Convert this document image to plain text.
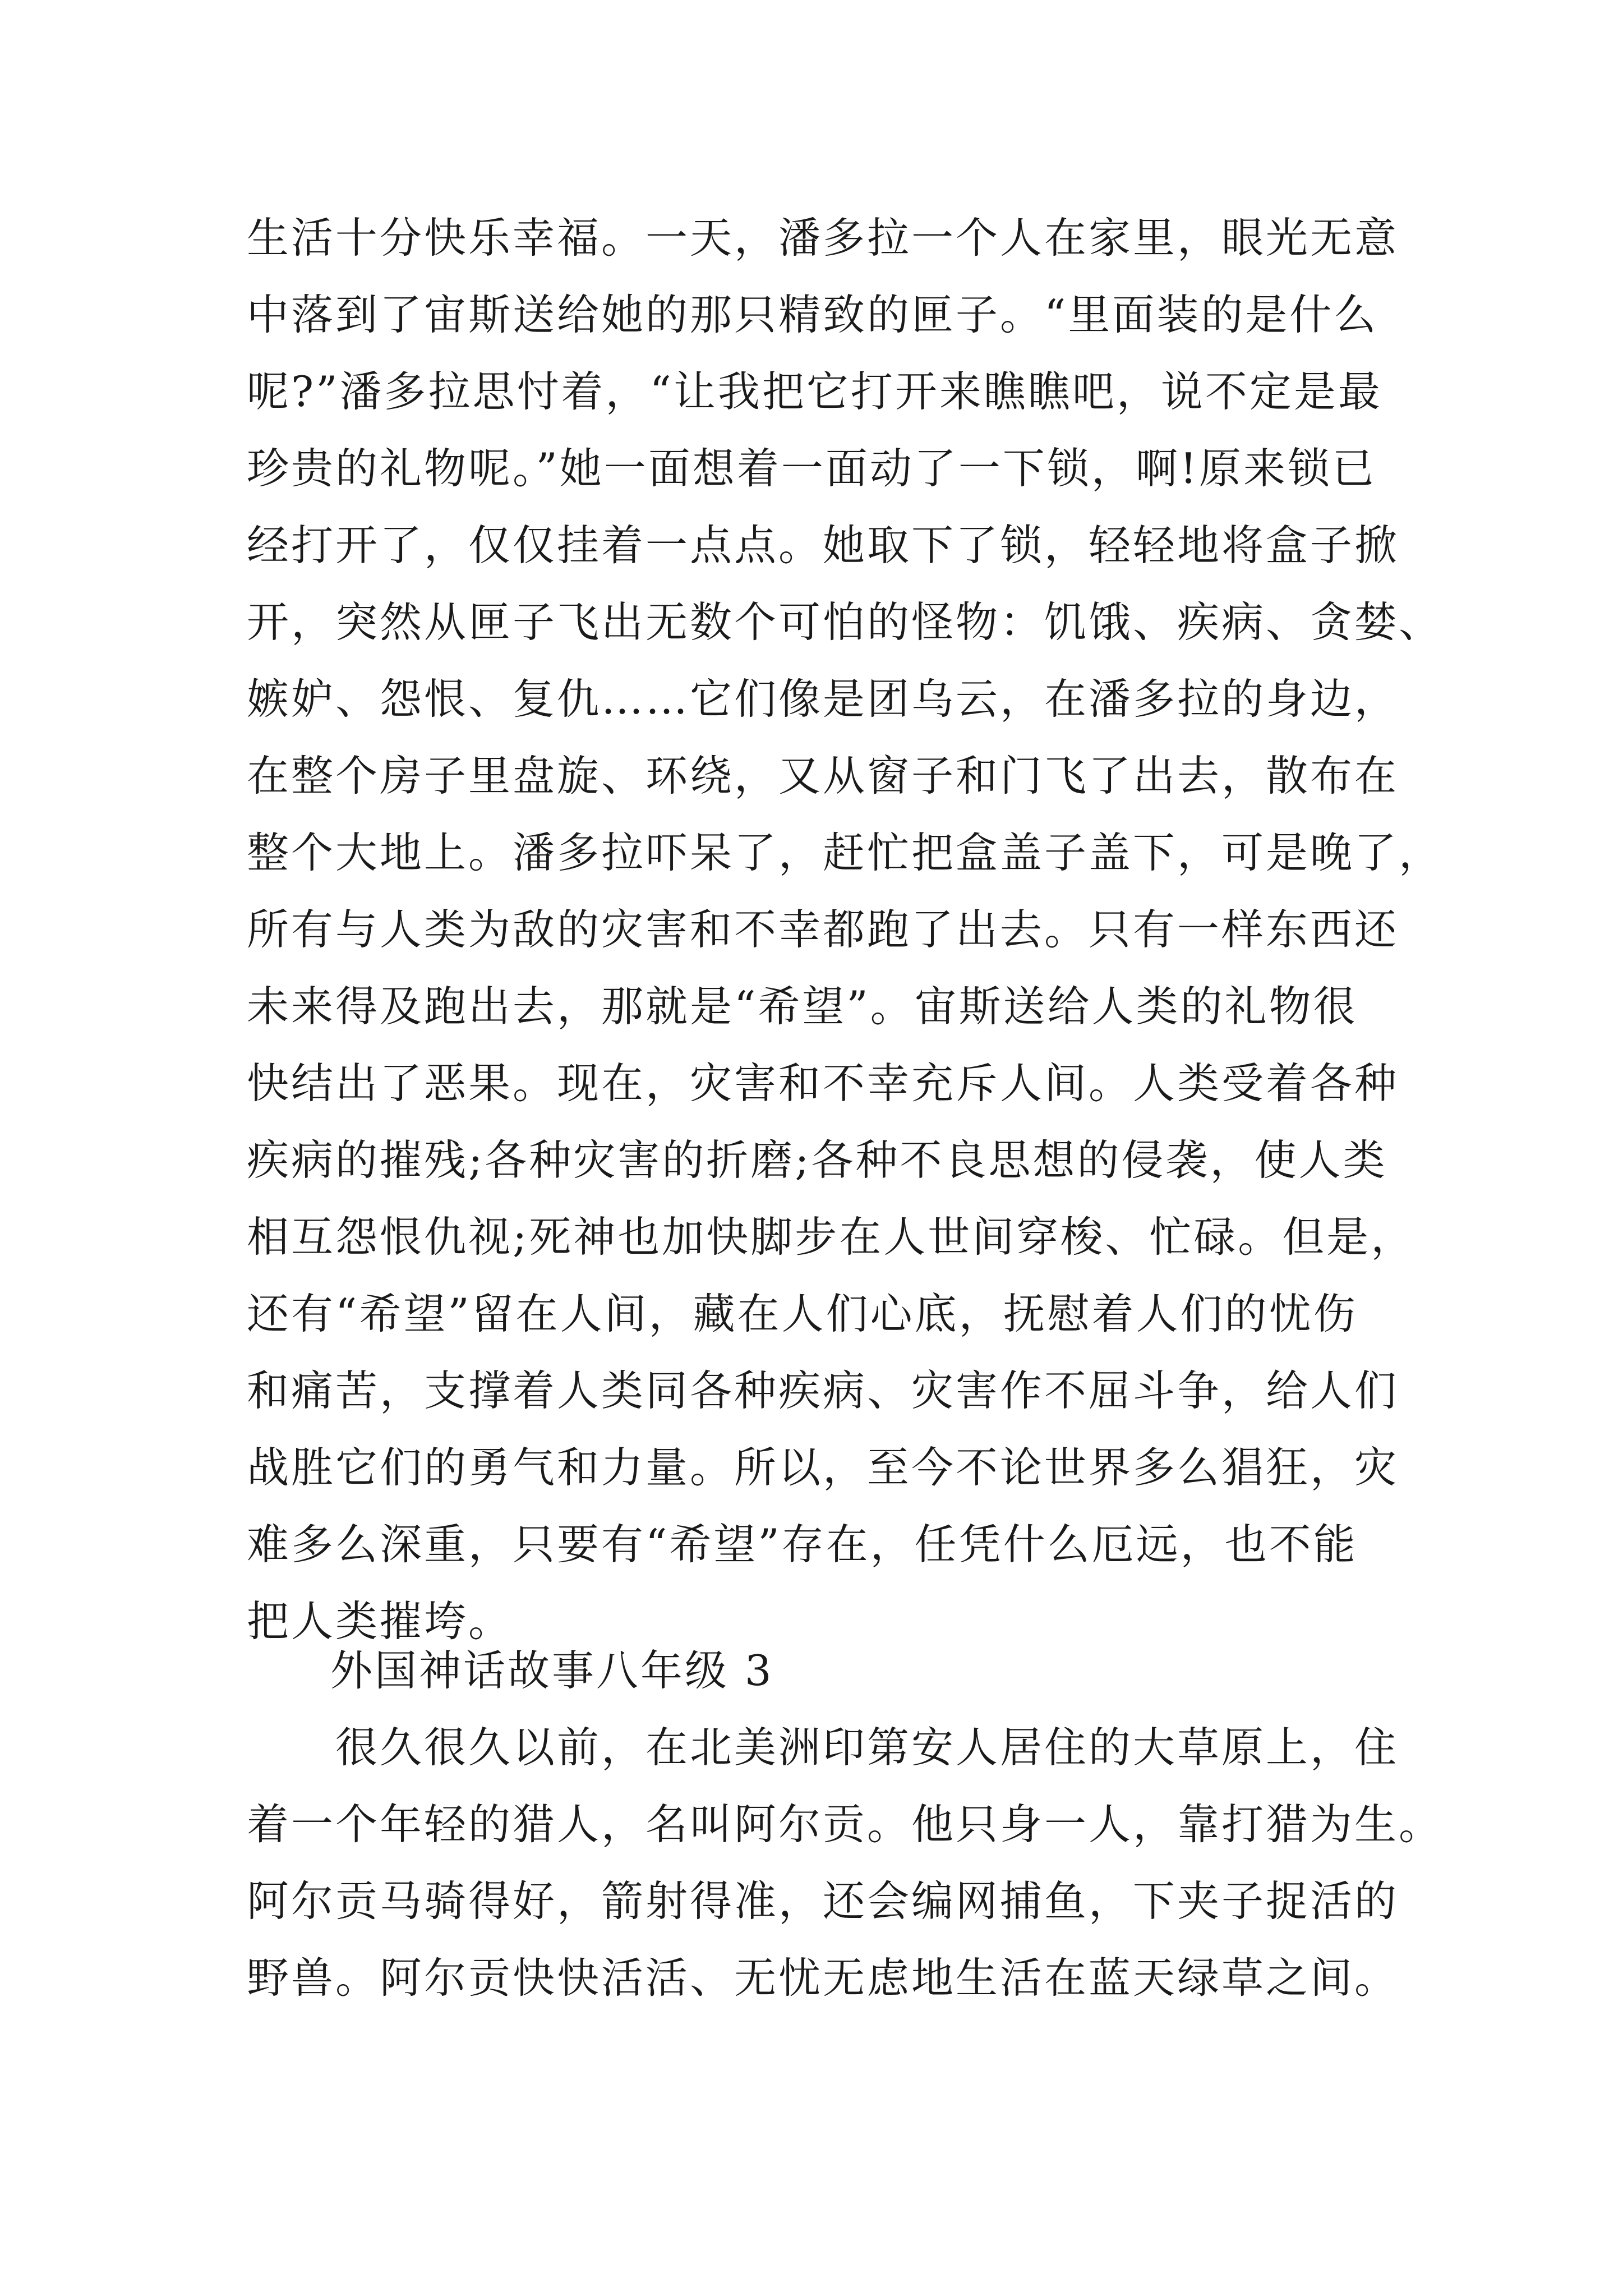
生活十分快乐幸福。一天，潘多拉一个人在家里，眼光无意
中落到了宙斯送给她的那只精致的匣子。“里面装的是什么
呢?”潘多拉思忖着，“让我把它打开来瞧瞧吧，说不定是最
珍贵的礼物呢。”她一面想着一面动了一下锁，啊!原来锁已
经打开了，仅仅挂着一点点。她取下了锁，轻轻地将盒子掀
开，突然从匣子飞出无数个可怕的怪物：饥饿、疾病、贪婪、
嫉妒、怨恨、复仇……它们像是团乌云，在潘多拉的身边，
在整个房子里盘旋、环绕，又从窗子和门飞了出去，散布在
整个大地上。潘多拉吓呆了，赶忙把盒盖子盖下，可是晚了，
所有与人类为敌的灾害和不幸都跑了出去。只有一样东西还
未来得及跑出去，那就是“希望”。宙斯送给人类的礼物很
快结出了恶果。现在，灾害和不幸充斥人间。人类受着各种
疾病的摧残;各种灾害的折磨;各种不良思想的侵袭，使人类
相互怨恨仇视;死神也加快脚步在人世间穿梭、忙碌。但是，
还有“希望”留在人间，藏在人们心底，抚慰着人们的忧伤
和痛苦，支撑着人类同各种疾病、灾害作不屈斗争，给人们
战胜它们的勇气和力量。所以，至今不论世界多么猖狂，灾
难多么深重，只要有“希望”存在，任凭什么厄远，也不能
把人类摧垮。
外国神话故事八年级 3
　　很久很久以前，在北美洲印第安人居住的大草原上，住
着一个年轻的猎人，名叫阿尔贡。他只身一人，靠打猎为生。
阿尔贡马骑得好，箭射得准，还会编网捕鱼，下夹子捉活的
野兽。阿尔贡快快活活、无忧无虑地生活在蓝天绿草之间。
